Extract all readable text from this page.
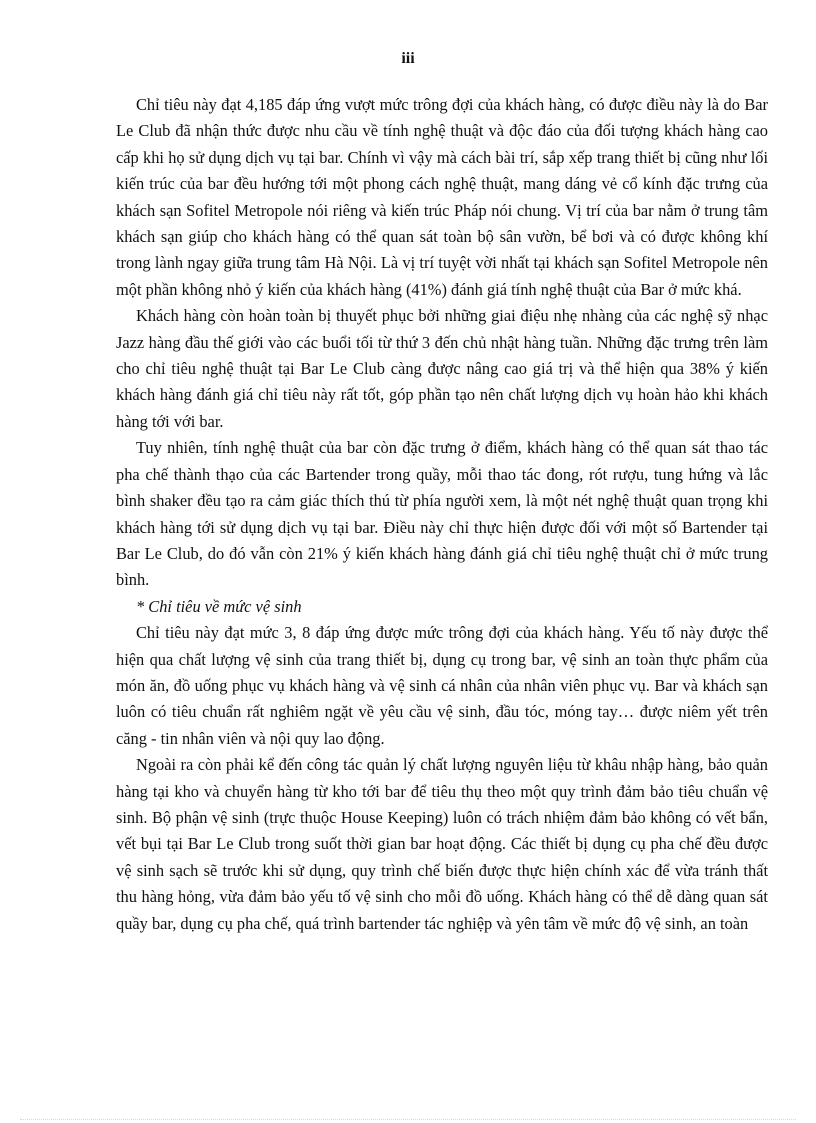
iii

Chỉ tiêu này đạt 4,185 đáp ứng vượt mức trông đợi của khách hàng, có được điều này là do Bar Le Club đã nhận thức được nhu cầu về tính nghệ thuật và độc đáo của đối tượng khách hàng cao cấp khi họ sử dụng dịch vụ tại bar. Chính vì vậy mà cách bài trí, sắp xếp trang thiết bị cũng như lối kiến trúc của bar đều hướng tới một phong cách nghệ thuật, mang dáng vẻ cổ kính đặc trưng của khách sạn Sofitel Metropole nói riêng và kiến trúc Pháp nói chung. Vị trí của bar nằm ở trung tâm khách sạn giúp cho khách hàng có thể quan sát toàn bộ sân vườn, bể bơi và có được không khí trong lành ngay giữa trung tâm Hà Nội. Là vị trí tuyệt vời nhất tại khách sạn Sofitel Metropole nên một phần không nhỏ ý kiến của khách hàng (41%) đánh giá tính nghệ thuật của Bar ở mức khá.

Khách hàng còn hoàn toàn bị thuyết phục bởi những giai điệu nhẹ nhàng của các nghệ sỹ nhạc Jazz hàng đầu thế giới vào các buổi tối từ thứ 3 đến chủ nhật hàng tuần. Những đặc trưng trên làm cho chỉ tiêu nghệ thuật tại Bar Le Club càng được nâng cao giá trị và thể hiện qua 38% ý kiến khách hàng đánh giá chỉ tiêu này rất tốt, góp phần tạo nên chất lượng dịch vụ hoàn hảo khi khách hàng tới với bar.

Tuy nhiên, tính nghệ thuật của bar còn đặc trưng ở điểm, khách hàng có thể quan sát thao tác pha chế thành thạo của các Bartender trong quầy, mỗi thao tác đong, rót rượu, tung hứng và lắc bình shaker đều tạo ra cảm giác thích thú từ phía người xem, là một nét nghệ thuật quan trọng khi khách hàng tới sử dụng dịch vụ tại bar. Điều này chỉ thực hiện được đối với một số Bartender tại Bar Le Club, do đó vẫn còn 21% ý kiến khách hàng đánh giá chỉ tiêu nghệ thuật chỉ ở mức trung bình.

* Chỉ tiêu về mức vệ sinh

Chỉ tiêu này đạt mức 3, 8 đáp ứng được mức trông đợi của khách hàng. Yếu tố này được thể hiện qua chất lượng vệ sinh của trang thiết bị, dụng cụ trong bar, vệ sinh an toàn thực phẩm của món ăn, đồ uống phục vụ khách hàng và vệ sinh cá nhân của nhân viên phục vụ. Bar và khách sạn luôn có tiêu chuẩn rất nghiêm ngặt về yêu cầu vệ sinh, đầu tóc, móng tay… được niêm yết trên căng - tin nhân viên và nội quy lao động.

Ngoài ra còn phải kể đến công tác quản lý chất lượng nguyên liệu từ khâu nhập hàng, bảo quản hàng tại kho và chuyển hàng từ kho tới bar để tiêu thụ theo một quy trình đảm bảo tiêu chuẩn vệ sinh. Bộ phận vệ sinh (trực thuộc House Keeping) luôn có trách nhiệm đảm bảo không có vết bẩn, vết bụi tại Bar Le Club trong suốt thời gian bar hoạt động. Các thiết bị dụng cụ pha chế đều được vệ sinh sạch sẽ trước khi sử dụng, quy trình chế biến được thực hiện chính xác để vừa tránh thất thu hàng hỏng, vừa đảm bảo yếu tố vệ sinh cho mỗi đồ uống. Khách hàng có thể dễ dàng quan sát quầy bar, dụng cụ pha chế, quá trình bartender tác nghiệp và yên tâm về mức độ vệ sinh, an toàn
